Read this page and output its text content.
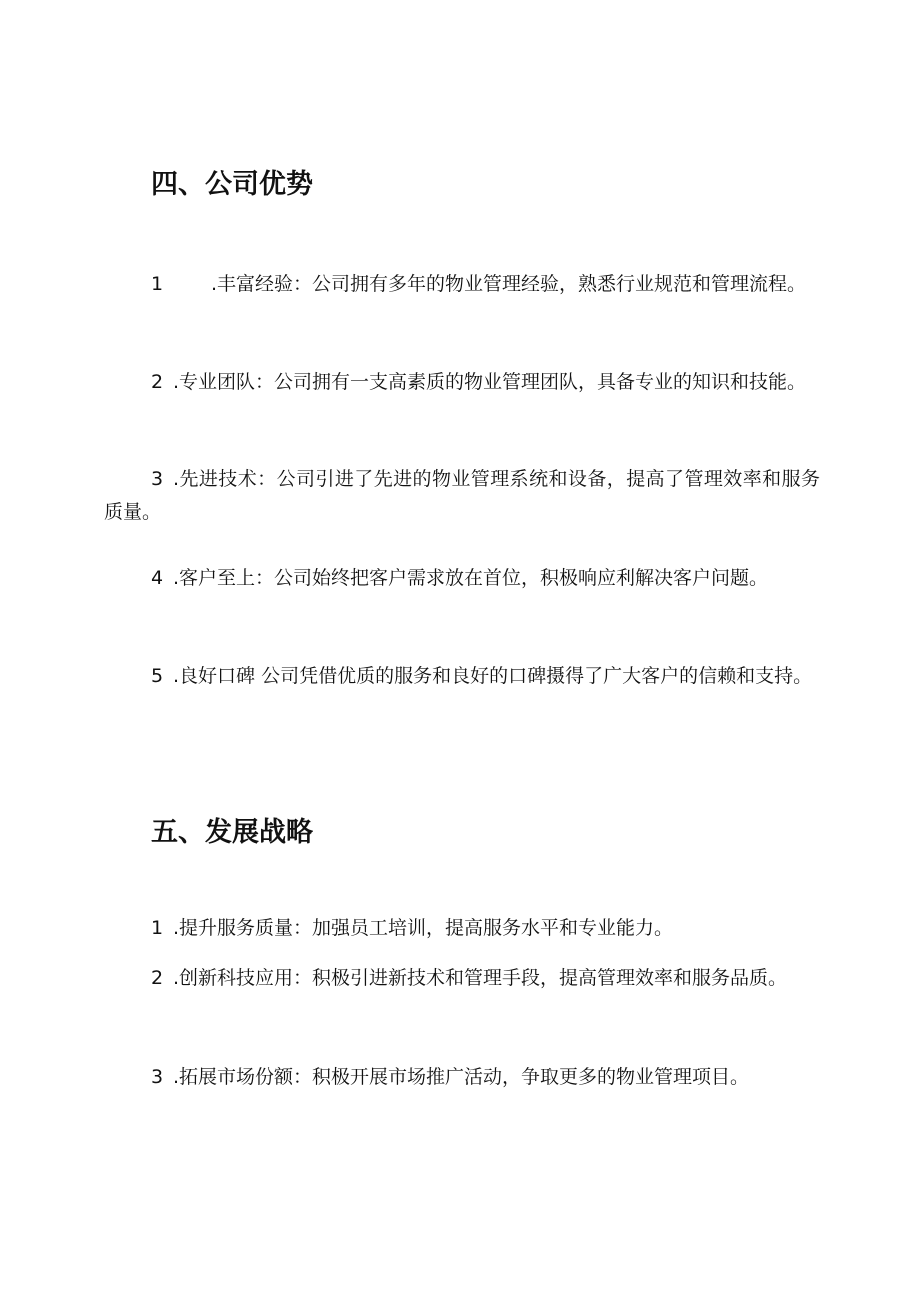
四、公司优势

1	.丰富经验：公司拥有多年的物业管理经验，熟悉行业规范和管理流程。

2 .专业团队：公司拥有一支高素质的物业管理团队，具备专业的知识和技能。

3 .先进技术：公司引进了先进的物业管理系统和设备，提高了管理效率和服务质量。

4 .客户至上：公司始终把客户需求放在首位，积极响应利解决客户问题。

5 .良好口碑 公司凭借优质的服务和良好的口碑摄得了广大客户的信赖和支持。

五、发展战略

1 .提升服务质量：加强员工培训，提高服务水平和专业能力。

2 .创新科技应用：积极引进新技术和管理手段，提高管理效率和服务品质。

3 .拓展市场份额：积极开展市场推广活动，争取更多的物业管理项目。
